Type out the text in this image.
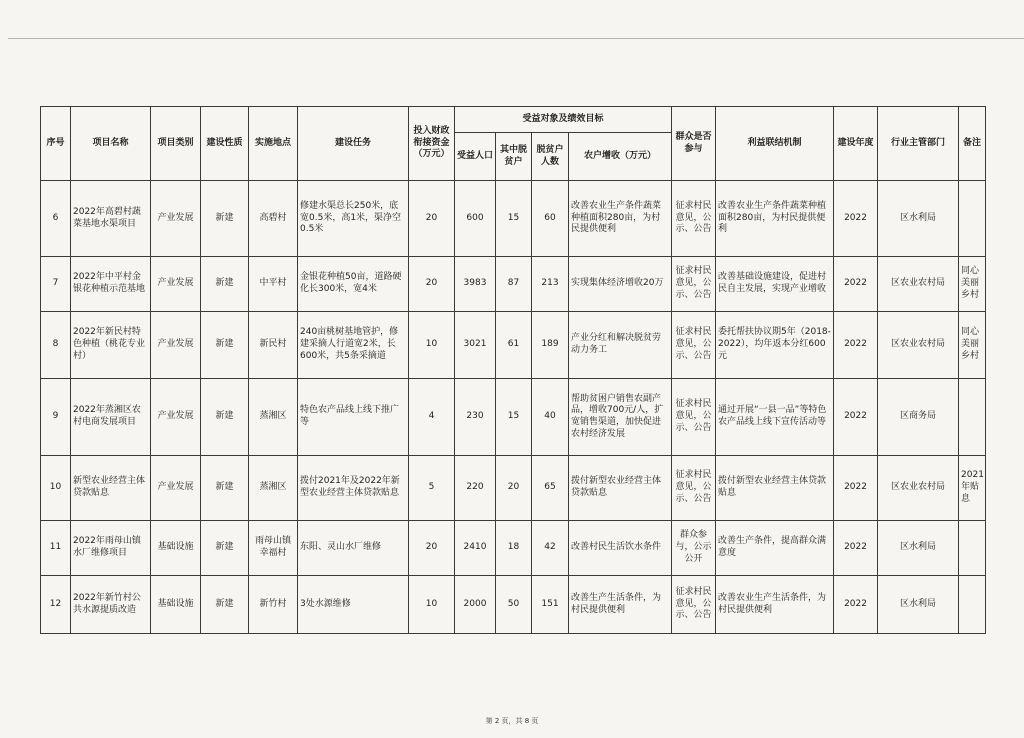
序号	项目名称	项目类别	建设性质	实施地点	建设任务	投入财政衔接资金（万元）	受益对象及绩效目标				群众是否参与	利益联结机制	建设年度	行业主管部门	备注
							受益人口	其中脱贫户	脱贫户人数	农户增收（万元）					
6	2022年高碧村蔬菜基地水渠项目	产业发展	新建	高碧村	修建水渠总长250米，底宽0.5米，高1米，渠净空0.5米	20	600	15	60	改善农业生产条件蔬菜种植面积280亩，为村民提供便利	征求村民意见，公示、公告	改善农业生产条件蔬菜种植面积280亩，为村民提供便利	2022	区水利局	
7	2022年中平村金银花种植示范基地	产业发展	新建	中平村	金银花种植50亩，道路硬化长300米，宽4米	20	3983	87	213	实现集体经济增收20万	征求村民意见，公示、公告	改善基础设施建设，促进村民自主发展，实现产业增收	2022	区农业农村局	同心美丽乡村
8	2022年新民村特色种植（桃花专业村）	产业发展	新建	新民村	240亩桃树基地管护，修建采摘人行道宽2米，长600米，共5条采摘道	10	3021	61	189	产业分红和解决脱贫劳动力务工	征求村民意见，公示、公告	委托帮扶协议期5年（2018-2022），均年返本分红600元	2022	区农业农村局	同心美丽乡村
9	2022年蒸湘区农村电商发展项目	产业发展	新建	蒸湘区	特色农产品线上线下推广等	4	230	15	40	帮助贫困户销售农副产品，增收700元/人，扩宽销售渠道，加快促进农村经济发展	征求村民意见，公示、公告	通过开展“一县一品”等特色农产品线上线下宣传活动等	2022	区商务局	
10	新型农业经营主体贷款贴息	产业发展	新建	蒸湘区	拨付2021年及2022年新型农业经营主体贷款贴息	5	220	20	65	拨付新型农业经营主体贷款贴息	征求村民意见，公示、公告	拨付新型农业经营主体贷款贴息	2022	区农业农村局	2021年贴息
11	2022年雨母山镇水厂维修项目	基础设施	新建	雨母山镇幸福村	东阳、灵山水厂维修	20	2410	18	42	改善村民生活饮水条件	群众参与，公示公开	改善生产条件，提高群众满意度	2022	区水利局	
12	2022年新竹村公共水源提质改造	基础设施	新建	新竹村	3处水源维修	10	2000	50	151	改善生产生活条件，为村民提供便利	征求村民意见，公示、公告	改善农业生产生活条件，为村民提供便利	2022	区水利局	
第 2 页，共 8 页
